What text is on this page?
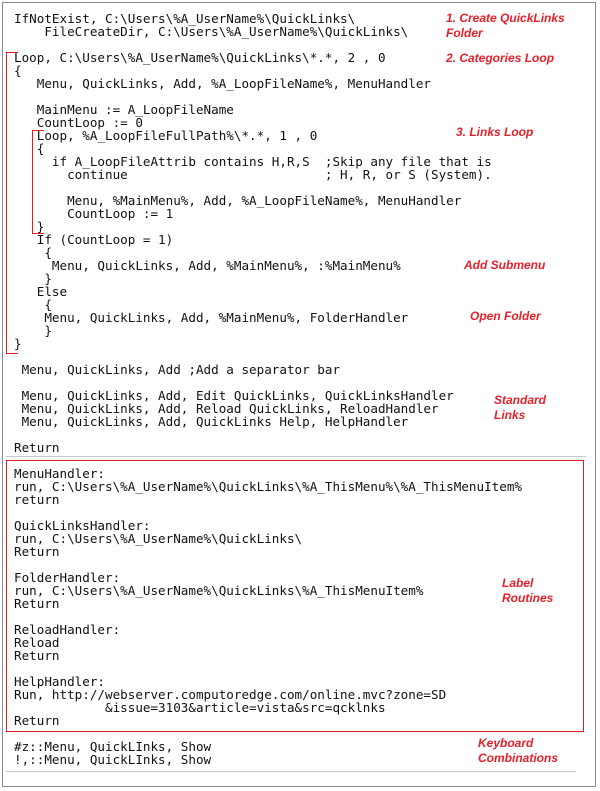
IfNotExist, C:\Users\%A_UserName%\QuickLinks\
FileCreateDir, C:\Users\%A_UserName%\QuickLinks\
Loop, C:\Users\%A_UserName%\QuickLinks\*.*, 2 , 0
{
Menu, QuickLinks, Add, %A_LoopFileName%, MenuHandler

MainMenu := A_LoopFileName
CountLoop := 0
Loop, %A_LoopFileFullPath%\*.*, 1 , 0
{
if A_LoopFileAttrib contains H,R,S  ;Skip any file that is
continue                          ; H, R, or S (System).

Menu, %MainMenu%, Add, %A_LoopFileName%, MenuHandler
CountLoop := 1
}
If (CountLoop = 1)
{
Menu, QuickLinks, Add, %MainMenu%, :%MainMenu%
}
Else
{
Menu, QuickLinks, Add, %MainMenu%, FolderHandler
}
}
Menu, QuickLinks, Add ;Add a separator bar
Menu, QuickLinks, Add, Edit QuickLinks, QuickLinksHandler
Menu, QuickLinks, Add, Reload QuickLinks, ReloadHandler
Menu, QuickLinks, Add, QuickLinks Help, HelpHandler
Return
MenuHandler:
run, C:\Users\%A_UserName%\QuickLinks\%A_ThisMenu%\%A_ThisMenuItem%
return

QuickLinksHandler:
run, C:\Users\%A_UserName%\QuickLinks\
Return

FolderHandler:
run, C:\Users\%A_UserName%\QuickLinks\%A_ThisMenuItem%
Return

ReloadHandler:
Reload
Return

HelpHandler:
Run, http://webserver.computoredge.com/online.mvc?zone=SD
&issue=3103&article=vista&src=qcklnks
Return
#z::Menu, QuickLInks, Show
!,::Menu, QuickLInks, Show
1. Create QuickLinks
Folder
2. Categories Loop
3. Links Loop
Add Submenu
Open Folder
Standard
Links
Label
Routines
Keyboard
Combinations
